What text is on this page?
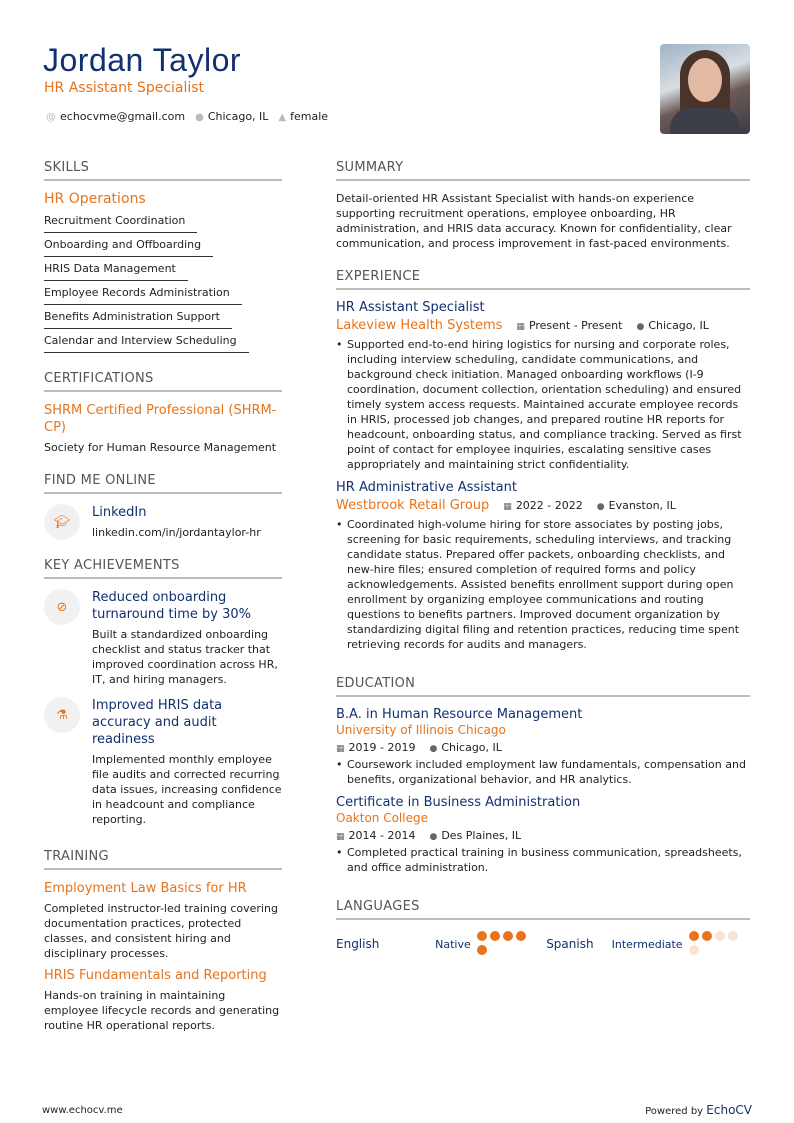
Jordan Taylor
HR Assistant Specialist
@ echocvme@gmail.com ● Chicago, IL ▲ female
SKILLS
HR Operations
Recruitment Coordination
Onboarding and Offboarding
HRIS Data Management
Employee Records Administration
Benefits Administration Support
Calendar and Interview Scheduling
CERTIFICATIONS
SHRM Certified Professional (SHRM-CP)
Society for Human Resource Management
FIND ME ONLINE
🎓︎
LinkedIn
linkedin.com/in/jordantaylor-hr
KEY ACHIEVEMENTS
⊘
Reduced onboarding turnaround time by 30%

Built a standardized onboarding checklist and status tracker that improved coordination across HR, IT, and hiring managers.

⚗
Improved HRIS data accuracy and audit readiness

Implemented monthly employee file audits and corrected recurring data issues, increasing confidence in headcount and compliance reporting.

TRAINING
Employment Law Basics for HR

Completed instructor-led training covering documentation practices, protected classes, and consistent hiring and disciplinary processes.

HRIS Fundamentals and Reporting

Hands-on training in maintaining employee lifecycle records and generating routine HR operational reports.

SUMMARY

Detail-oriented HR Assistant Specialist with hands-on experience supporting recruitment operations, employee onboarding, HR administration, and HRIS data accuracy. Known for confidentiality, clear communication, and process improvement in fast-paced environments.

EXPERIENCE
HR Assistant Specialist
Lakeview Health Systems ▦ Present - Present ● Chicago, IL
• Supported end-to-end hiring logistics for nursing and corporate roles, including interview scheduling, candidate communications, and background check initiation. Managed onboarding workflows (I-9 coordination, document collection, orientation scheduling) and ensured timely system access requests. Maintained accurate employee records in HRIS, processed job changes, and prepared routine HR reports for headcount, onboarding status, and compliance tracking. Served as first point of contact for employee inquiries, escalating sensitive cases appropriately and maintaining strict confidentiality.
HR Administrative Assistant
Westbrook Retail Group ▦ 2022 - 2022 ● Evanston, IL
• Coordinated high-volume hiring for store associates by posting jobs, screening for basic requirements, scheduling interviews, and tracking candidate status. Prepared offer packets, onboarding checklists, and new-hire files; ensured completion of required forms and policy acknowledgements. Assisted benefits enrollment support during open enrollment by organizing employee communications and routing questions to benefits partners. Improved document organization by standardizing digital filing and retention practices, reducing time spent retrieving records for audits and managers.
EDUCATION
B.A. in Human Resource Management
University of Illinois Chicago
▦ 2019 - 2019 ● Chicago, IL
• Coursework included employment law fundamentals, compensation and benefits, organizational behavior, and HR analytics.
Certificate in Business Administration
Oakton College
▦ 2014 - 2014 ● Des Plaines, IL
• Completed practical training in business communication, spreadsheets, and office administration.
LANGUAGES
English	Native	Spanish	Intermediate
www.echocv.me	Powered by EchoCV
